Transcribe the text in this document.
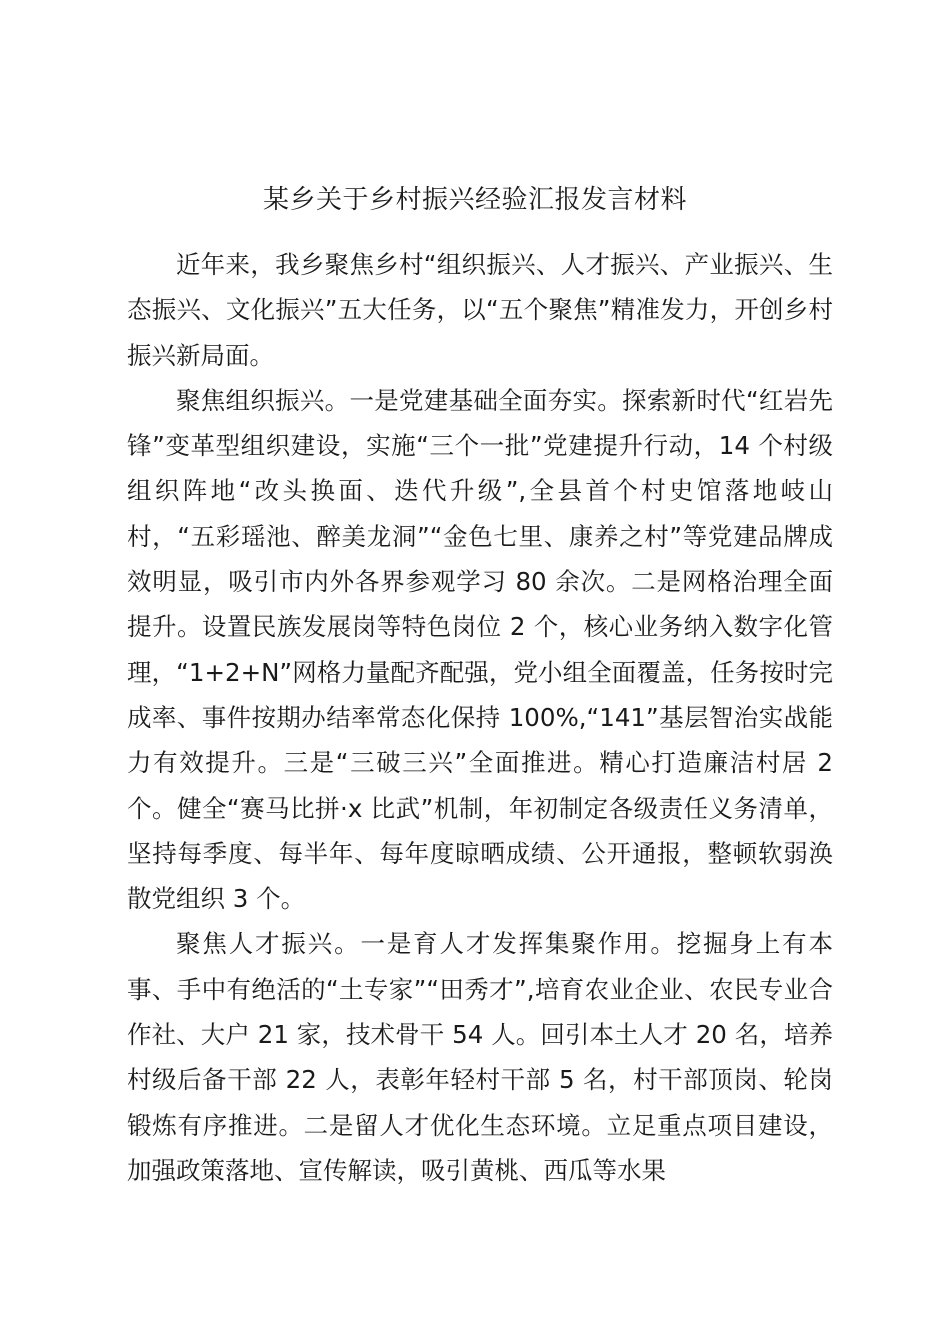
某乡关于乡村振兴经验汇报发言材料

近年来，我乡聚焦乡村“组织振兴、人才振兴、产业振兴、生态振兴、文化振兴”五大任务，以“五个聚焦”精准发力，开创乡村振兴新局面。

聚焦组织振兴。一是党建基础全面夯实。探索新时代“红岩先锋”变革型组织建设，实施“三个一批”党建提升行动，14 个村级组织阵地“改头换面、迭代升级”,全县首个村史馆落地岐山村，“五彩瑶池、醉美龙洞”“金色七里、康养之村”等党建品牌成效明显，吸引市内外各界参观学习 80 余次。二是网格治理全面提升。设置民族发展岗等特色岗位 2 个，核心业务纳入数字化管理，“1+2+N”网格力量配齐配强，党小组全面覆盖，任务按时完成率、事件按期办结率常态化保持 100%,“141”基层智治实战能力有效提升。三是“三破三兴”全面推进。精心打造廉洁村居 2 个。健全“赛马比拼·x 比武”机制，年初制定各级责任义务清单，坚持每季度、每半年、每年度晾晒成绩、公开通报，整顿软弱涣散党组织 3 个。

聚焦人才振兴。一是育人才发挥集聚作用。挖掘身上有本事、手中有绝活的“土专家”“田秀才”,培育农业企业、农民专业合作社、大户 21 家，技术骨干 54 人。回引本土人才 20 名，培养村级后备干部 22 人，表彰年轻村干部 5 名，村干部顶岗、轮岗锻炼有序推进。二是留人才优化生态环境。立足重点项目建设，加强政策落地、宣传解读，吸引黄桃、西瓜等水果
